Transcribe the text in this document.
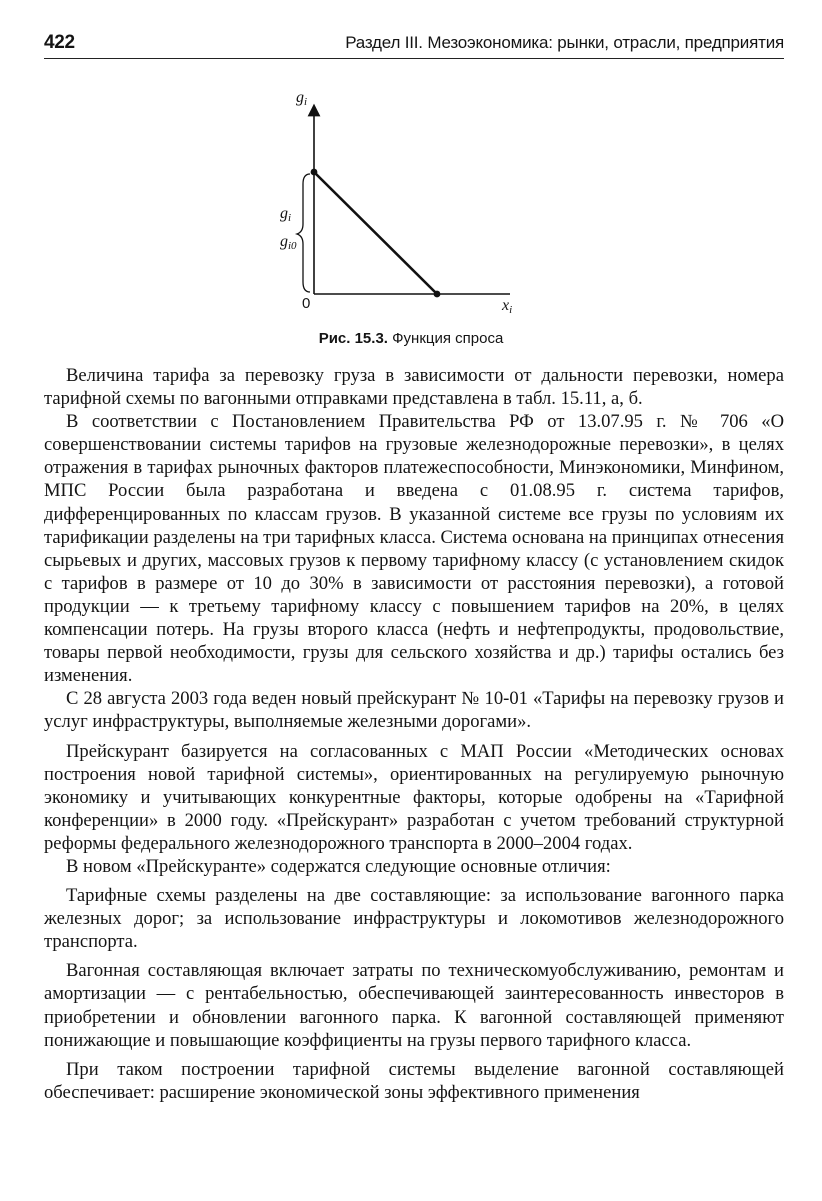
422	Раздел III. Мезоэкономика: рынки, отрасли, предприятия
$g_i$
$g_i$
$g_{i0}$
0	$x_i$
Рис. 15.3. Функция спроса

Величина тарифа за перевозку груза в зависимости от дальности перевозки, номера тарифной схемы по вагонными отправками представлена в табл. 15.11, а, б.

В соответствии с Постановлением Правительства РФ от 13.07.95 г. № 706 «О совершенствовании системы тарифов на грузовые железнодорожные перевозки», в целях отражения в тарифах рыночных факторов платежеспособности, Минэкономики, Минфином, МПС России была разработана и введена с 01.08.95 г. система тарифов, дифференцированных по классам грузов. В указанной системе все грузы по условиям их тарификации разделены на три тарифных класса. Система основана на принципах отнесения сырьевых и других, массовых грузов к первому тарифному классу (с установлением скидок с тарифов в размере от 10 до 30% в зависимости от расстояния перевозки), а готовой продукции — к третьему тарифному классу с повышением тарифов на 20%, в целях компенсации потерь. На грузы второго класса (нефть и нефтепродукты, продовольствие, товары первой необходимости, грузы для сельского хозяйства и др.) тарифы остались без изменения.

С 28 августа 2003 года веден новый прейскурант № 10-01 «Тарифы на перевозку грузов и услуг инфраструктуры, выполняемые железными дорогами».

Прейскурант базируется на согласованных с МАП России «Методических основах построения новой тарифной системы», ориентированных на регулируемую рыночную экономику и учитывающих конкурентные факторы, которые одобрены на «Тарифной конференции» в 2000 году. «Прейскурант» разработан с учетом требований структурной реформы федерального железнодорожного транспорта в 2000–2004 годах.

В новом «Прейскуранте» содержатся следующие основные отличия:

Тарифные схемы разделены на две составляющие: за использование вагонного парка железных дорог; за использование инфраструктуры и локомотивов железнодорожного транспорта.

Вагонная составляющая включает затраты по техническомуобслуживанию, ремонтам и амортизации — с рентабельностью, обеспечивающей заинтересованность инвесторов в приобретении и обновлении вагонного парка. К вагонной составляющей применяют понижающие и повышающие коэффициенты на грузы первого тарифного класса.

При таком построении тарифной системы выделение вагонной составляющей обеспечивает: расширение экономической зоны эффективного применения
